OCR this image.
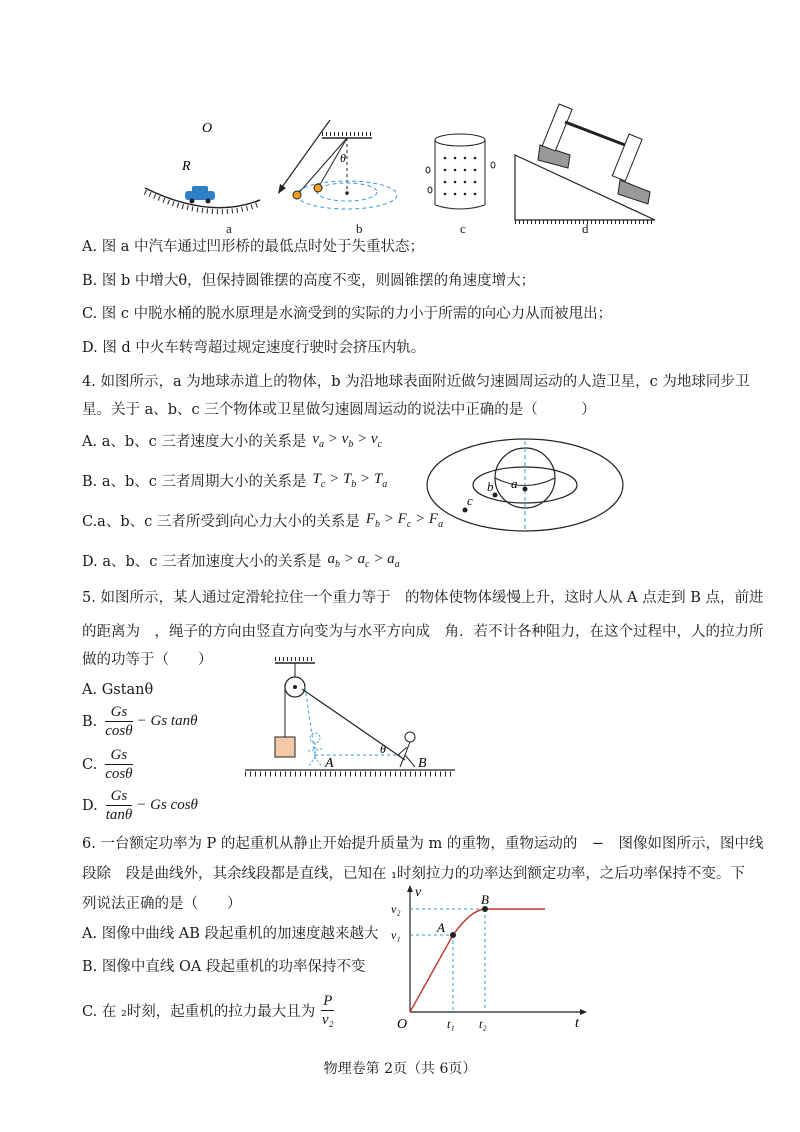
O
R
θ
a	b	c	d
A. 图 a 中汽车通过凹形桥的最低点时处于失重状态；
B. 图 b 中增大θ，但保持圆锥摆的高度不变，则圆锥摆的角速度增大；
C. 图 c 中脱水桶的脱水原理是水滴受到的实际的力小于所需的向心力从而被甩出；
D. 图 d 中火车转弯超过规定速度行驶时会挤压内轨。
4. 如图所示，a 为地球赤道上的物体，b 为沿地球表面附近做匀速圆周运动的人造卫星，c 为地球同步卫
星。关于 a、b、c 三个物体或卫星做匀速圆周运动的说法中正确的是（　　　）
A. a、b、c 三者速度大小的关系是 $v_a > v_b > v_c$
B. a、b、c 三者周期大小的关系是 $T_c > T_b > T_a$
C.a、b、c 三者所受到向心力大小的关系是 $F_b > F_c > F_a$
D. a、b、c 三者加速度大小的关系是 $a_b > a_c > a_a$
a
b
c
5. 如图所示，某人通过定滑轮拉住一个重力等于　的物体使物体缓慢上升，这时人从 A 点走到 B 点，前进
的距离为　，绳子的方向由竖直方向变为与水平方向成　角．若不计各种阻力，在这个过程中，人的拉力所
做的功等于（　　）
A. Gstanθ
B. $\frac{Gs}{\cos\theta} - Gs$ tanθ
C. $\frac{Gs}{\cos\theta}$
D. $\frac{Gs}{\tan\theta} - Gs$ cosθ
A	B
θ
6. 一台额定功率为 P 的起重机从静止开始提升质量为 m 的重物，重物运动的　−　图像如图所示，图中线
段除　段是曲线外，其余线段都是直线，已知在 ₁时刻拉力的功率达到额定功率，之后功率保持不变。下
列说法正确的是（　　）
A. 图像中曲线 AB 段起重机的加速度越来越大
B. 图像中直线 OA 段起重机的功率保持不变
C. 在 ₂时刻，起重机的拉力最大且为 $\frac{P}{\text{v₂}}$
v
t
O
v₂
v₁
t₁ t₂
A
B
物理卷第 2页（共 6页）
